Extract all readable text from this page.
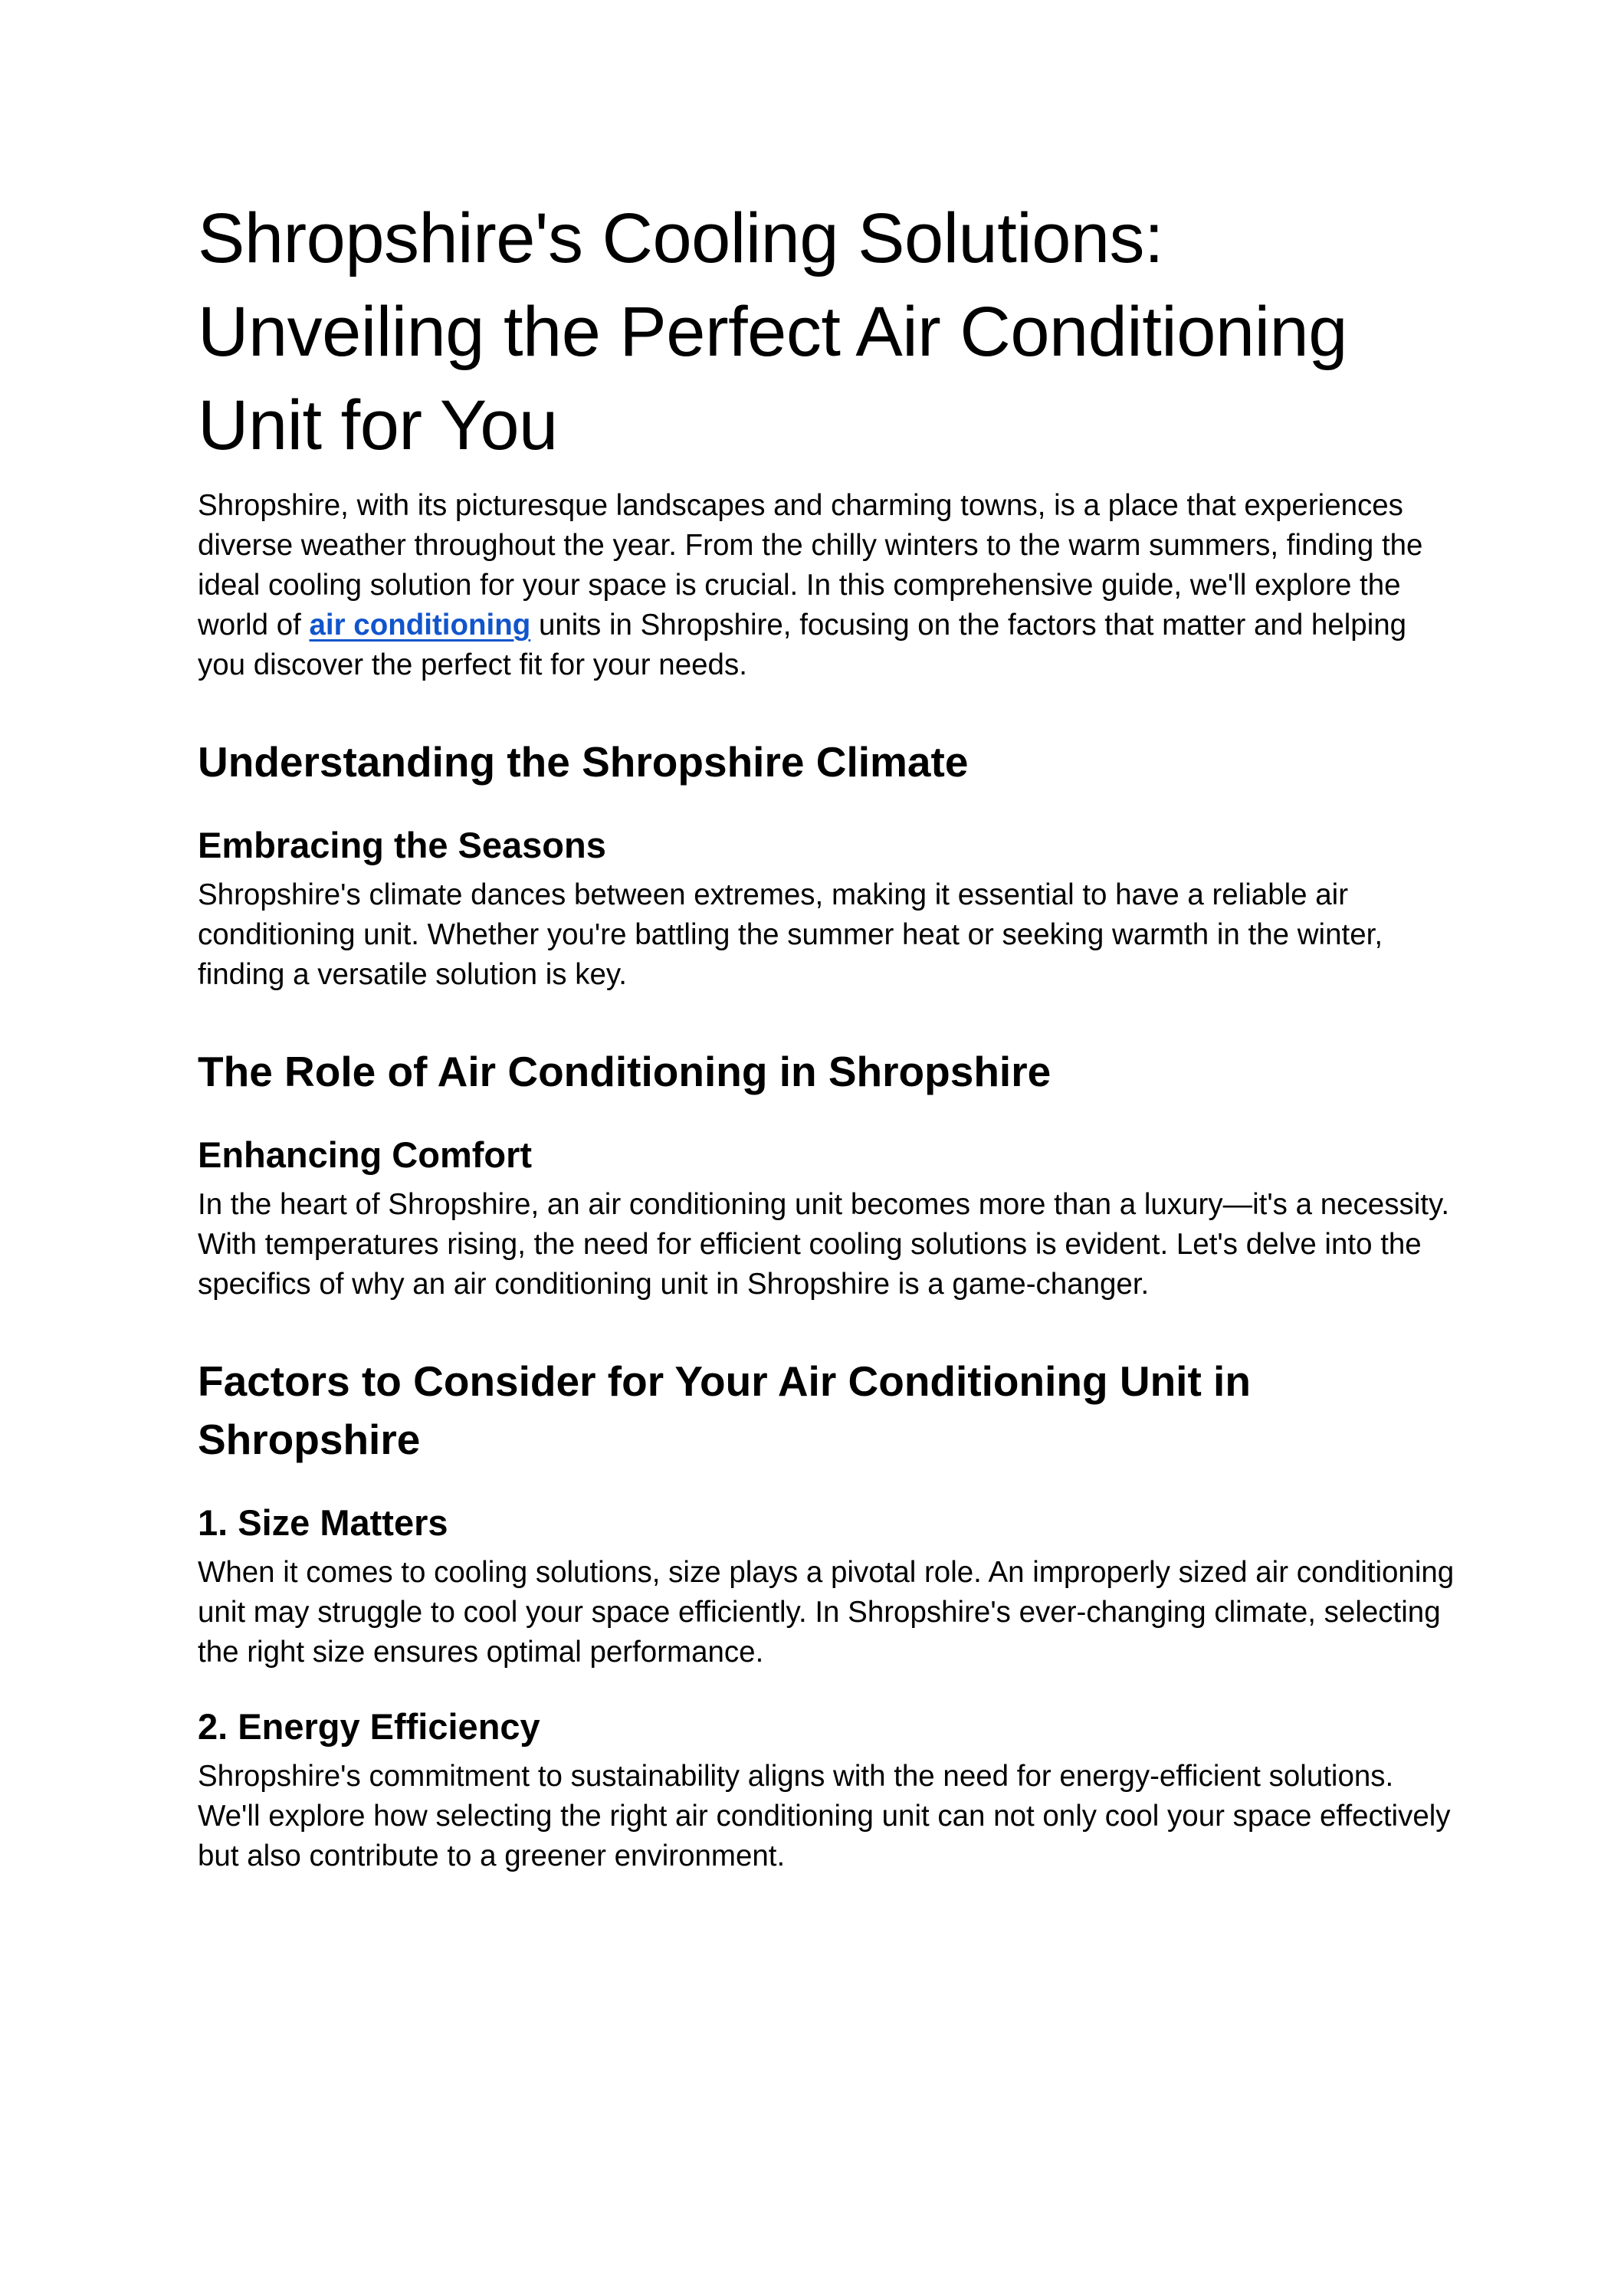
Shropshire's Cooling Solutions: Unveiling the Perfect Air Conditioning Unit for You

Shropshire, with its picturesque landscapes and charming towns, is a place that experiences diverse weather throughout the year. From the chilly winters to the warm summers, finding the ideal cooling solution for your space is crucial. In this comprehensive guide, we'll explore the world of air conditioning units in Shropshire, focusing on the factors that matter and helping you discover the perfect fit for your needs.

Understanding the Shropshire Climate
Embracing the Seasons

Shropshire's climate dances between extremes, making it essential to have a reliable air conditioning unit. Whether you're battling the summer heat or seeking warmth in the winter, finding a versatile solution is key.

The Role of Air Conditioning in Shropshire
Enhancing Comfort

In the heart of Shropshire, an air conditioning unit becomes more than a luxury—it's a necessity. With temperatures rising, the need for efficient cooling solutions is evident. Let's delve into the specifics of why an air conditioning unit in Shropshire is a game-changer.

Factors to Consider for Your Air Conditioning Unit in Shropshire
1. Size Matters

When it comes to cooling solutions, size plays a pivotal role. An improperly sized air conditioning unit may struggle to cool your space efficiently. In Shropshire's ever-changing climate, selecting the right size ensures optimal performance.

2. Energy Efficiency

Shropshire's commitment to sustainability aligns with the need for energy-efficient solutions. We'll explore how selecting the right air conditioning unit can not only cool your space effectively but also contribute to a greener environment.
